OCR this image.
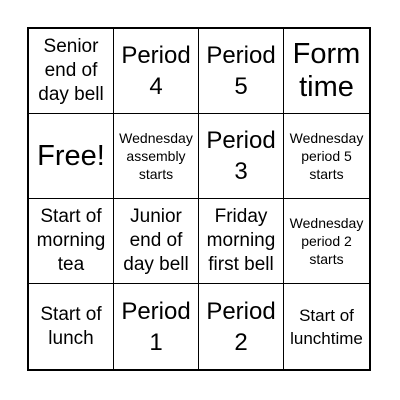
Senior end of day bell
Period 4
Period 5
Form time
Free!
Wednesday assembly starts
Period 3
Wednesday period 5 starts
Start of morning tea
Junior end of day bell
Friday morning first bell
Wednesday period 2 starts
Start of lunch
Period 1
Period 2
Start of lunchtime
